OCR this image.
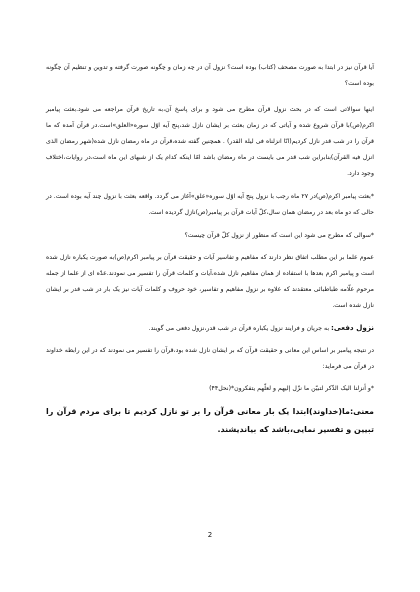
آیا قرآن نیز در ابتدا به صورت مصحف (کتاب) بوده است؟ نزول آن در چه زمان و چگونه صورت گرفته و تدوین و تنظیم آن چگونه بوده است؟

اینها سوالاتی است که در بحث نزول قرآن مطرح می شود و برای پاسخ آن،به تاریخ قرآن مراجعه می شود.بعثت پیامبر اکرم(ص)با قرآن شروع شده و آیاتی که در زمان بعثت بر ایشان نازل شد،پنج آیه اوّل سوره«العلق»است.در قرآن آمده که ما قرآن را در شب قدر نازل کردیم(انّا انزلناه فی لیلة القدر) . همچنین گفته شده،قرآن در ماه رمضان نازل شده(شهر رمضان الذی انزل فیه القرآن)بنابراین شب قدر می بایست در ماه رمضان باشد امّا اینکه کدام یک از شبهای این ماه است،در روایات،اختلاف وجود دارد.

*بعثت پیامبر اکرم(ص)در ۲۷ ماه رجب با نزول پنج آیه اوّل سوره«علق»آغاز می گردد. واقعه بعثت با نزول چند آیه بوده است. در حالی که دو ماه بعد در رمضان همان سال،کلّ آیات قرآن بر پیامبر(ص)نازل گردیده است.

*سوالی که مطرح می شود این است که منظور از نزول کلّ قرآن چیست؟

عموم علما بر این مطلب اتفاق نظر دارند که مفاهیم و تفاسیر آیات و حقیقت قرآن بر پیامبر اکرم(ص)به صورت یکباره نازل شده است و پیامبر اکرم بعدها با استفاده از همان مفاهیم نازل شده،آیات و کلمات قرآن را تفسیر می نمودند.عدّه ای از علما از جمله مرحوم علّامه طباطبائی معتقدند که علاوه بر نزول مفاهیم و تفاسیر، خود حروف و کلمات آیات نیز یک بار در شب قدر بر ایشان نازل شده است.

نزول دفعی: به جریان و فرایند نزول یکباره قرآن در شب قدر،نزول دفعی می گویند.

در نتیجه پیامبر بر اساس این معانی و حقیقت قرآن که بر ایشان نازل شده بود،قرآن را تفسیر می نمودند که در این رابطه خداوند در قرآن می فرماید:

*و أنزلنا الیک الذّکر لتبیّن ما نزّل إلیهم و لعلّهم یتفکرون*(نحل۴۴)

معنی:ما(خداوند)ابتدا یک بار معانی قرآن را بر تو نازل کردیم تا برای مردم قرآن را تبیین و تفسیر نمایی،باشد که بیاندیشند.

2
